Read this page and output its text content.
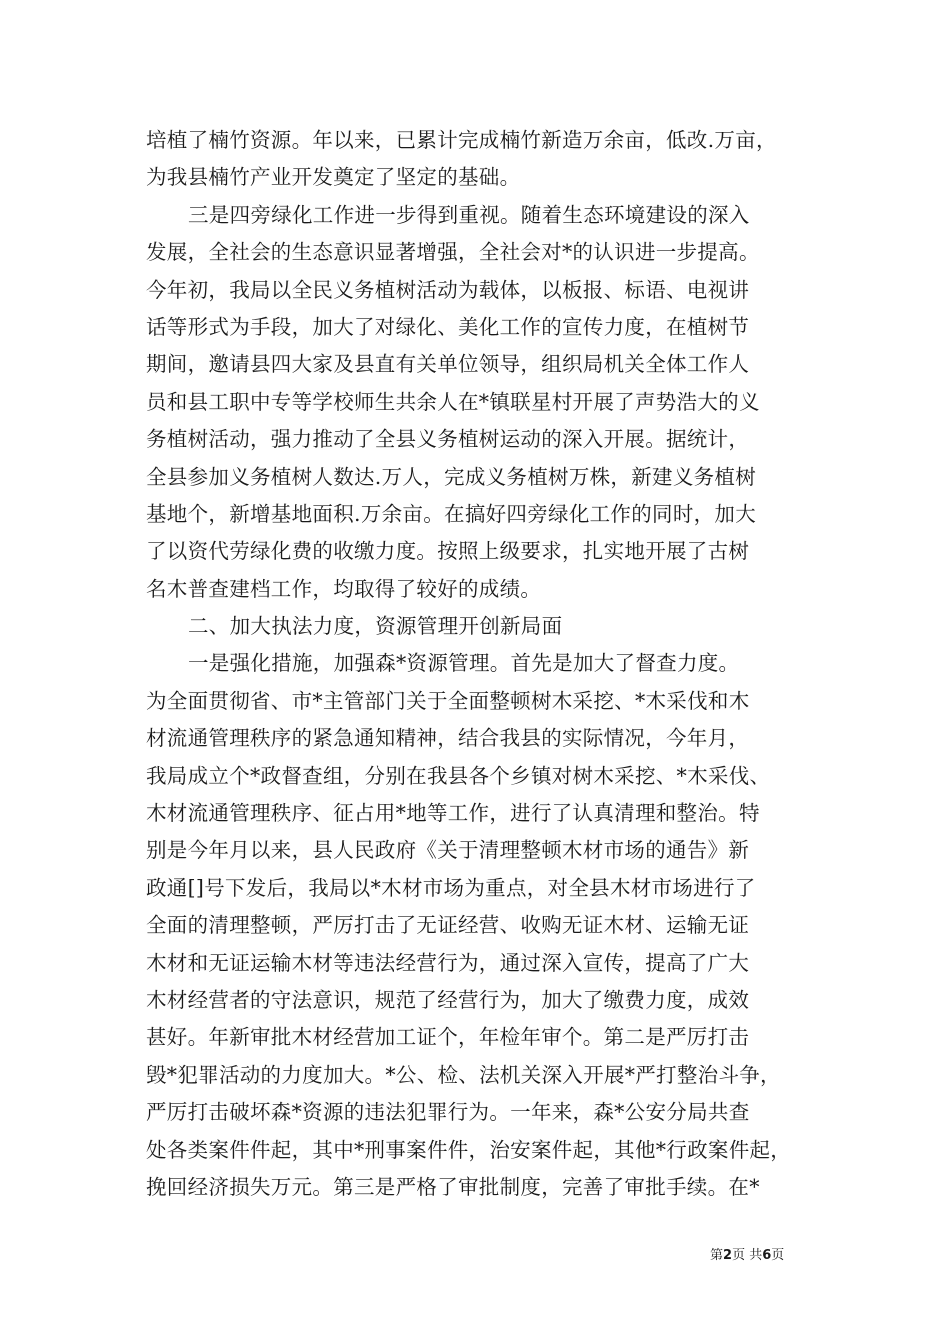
培植了楠竹资源。年以来，已累计完成楠竹新造万余亩，低改.万亩，
为我县楠竹产业开发奠定了坚定的基础。
三是四旁绿化工作进一步得到重视。随着生态环境建设的深入
发展，全社会的生态意识显著增强，全社会对*的认识进一步提高。
今年初，我局以全民义务植树活动为载体，以板报、标语、电视讲
话等形式为手段，加大了对绿化、美化工作的宣传力度，在植树节
期间，邀请县四大家及县直有关单位领导，组织局机关全体工作人
员和县工职中专等学校师生共余人在*镇联星村开展了声势浩大的义
务植树活动，强力推动了全县义务植树运动的深入开展。据统计，
全县参加义务植树人数达.万人，完成义务植树万株，新建义务植树
基地个，新增基地面积.万余亩。在搞好四旁绿化工作的同时，加大
了以资代劳绿化费的收缴力度。按照上级要求，扎实地开展了古树
名木普查建档工作，均取得了较好的成绩。
二、加大执法力度，资源管理开创新局面
一是强化措施，加强森*资源管理。首先是加大了督查力度。
为全面贯彻省、市*主管部门关于全面整顿树木采挖、*木采伐和木
材流通管理秩序的紧急通知精神，结合我县的实际情况，今年月，
我局成立个*政督查组，分别在我县各个乡镇对树木采挖、*木采伐、
木材流通管理秩序、征占用*地等工作，进行了认真清理和整治。特
别是今年月以来，县人民政府《关于清理整顿木材市场的通告》新
政通[]号下发后，我局以*木材市场为重点，对全县木材市场进行了
全面的清理整顿，严厉打击了无证经营、收购无证木材、运输无证
木材和无证运输木材等违法经营行为，通过深入宣传，提高了广大
木材经营者的守法意识，规范了经营行为，加大了缴费力度，成效
甚好。年新审批木材经营加工证个，年检年审个。第二是严厉打击
毁*犯罪活动的力度加大。*公、检、法机关深入开展*严打整治斗争，
严厉打击破坏森*资源的违法犯罪行为。一年来，森*公安分局共查
处各类案件件起，其中*刑事案件件，治安案件起，其他*行政案件起，
挽回经济损失万元。第三是严格了审批制度，完善了审批手续。在*
第2页 共6页
